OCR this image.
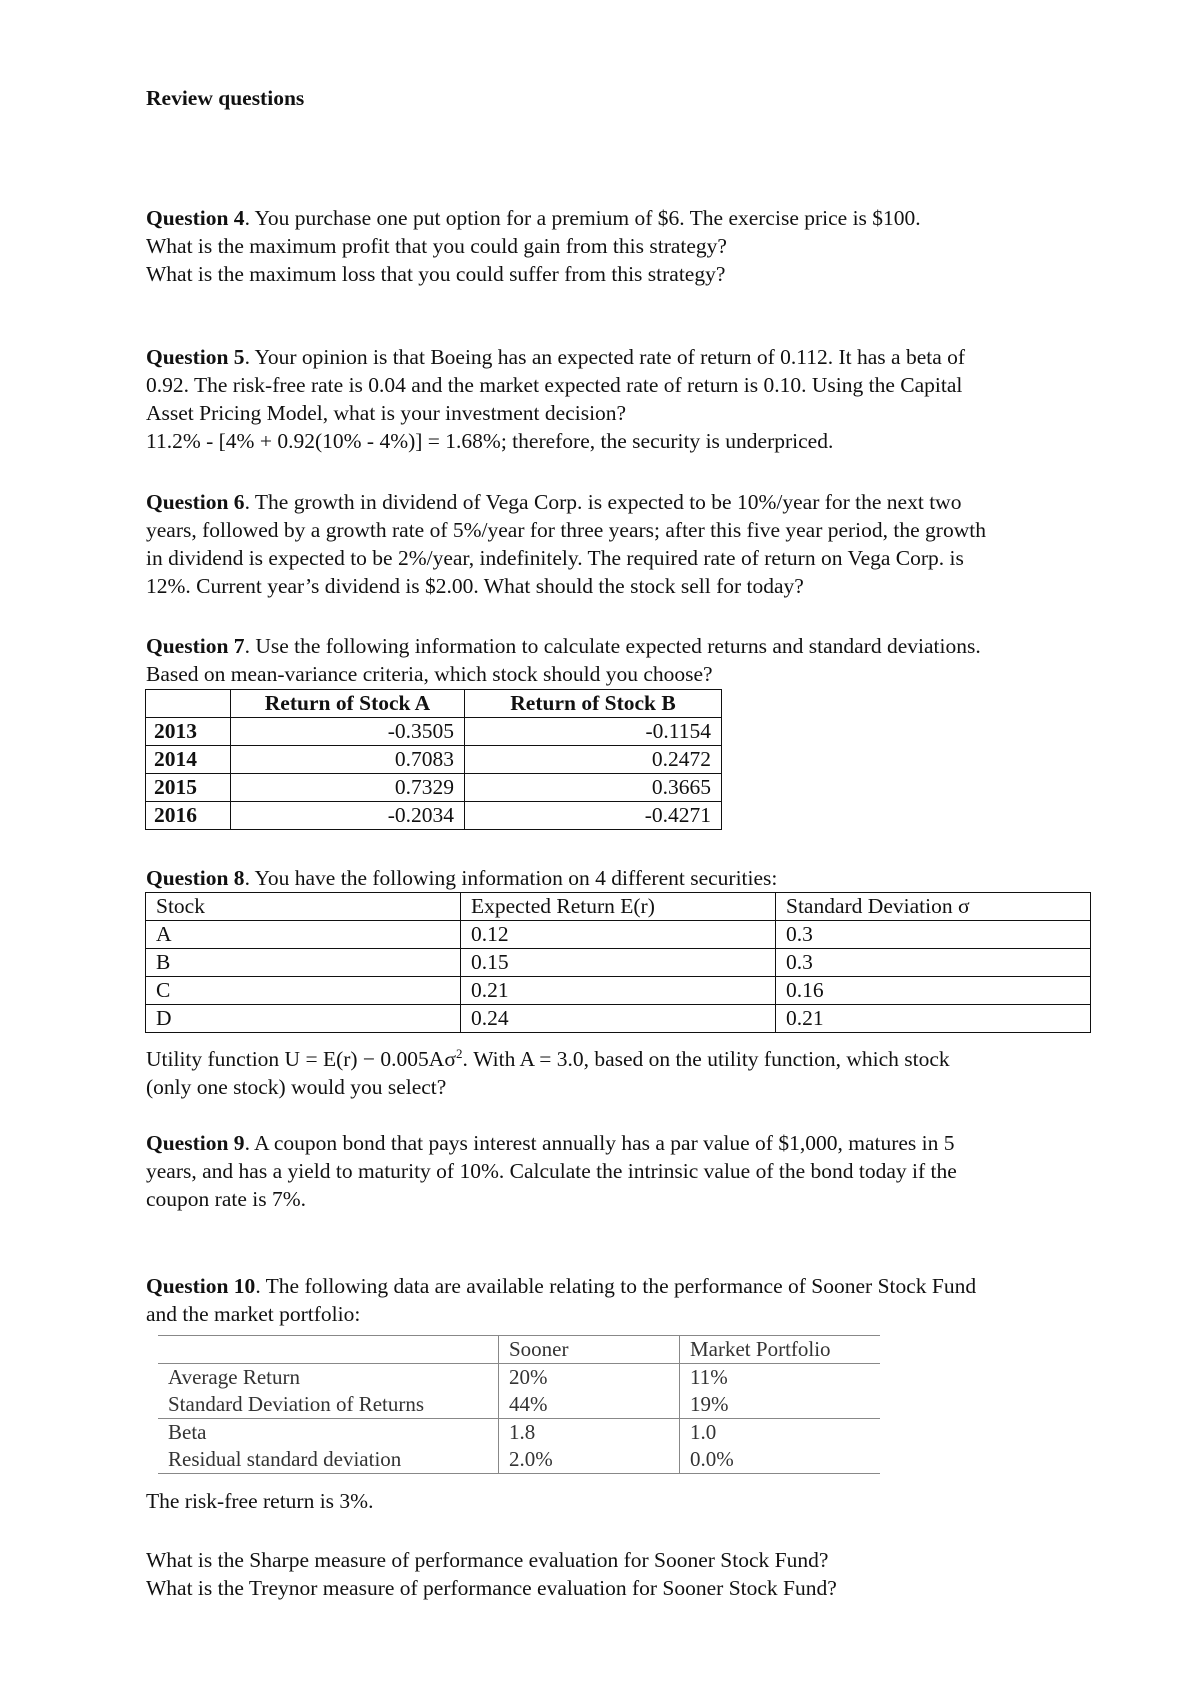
Review questions

Question 4. You purchase one put option for a premium of $6. The exercise price is $100.

What is the maximum profit that you could gain from this strategy?

What is the maximum loss that you could suffer from this strategy?

Question 5. Your opinion is that Boeing has an expected rate of return of 0.112. It has a beta of

0.92. The risk-free rate is 0.04 and the market expected rate of return is 0.10. Using the Capital

Asset Pricing Model, what is your investment decision?

11.2% - [4% + 0.92(10% - 4%)] = 1.68%; therefore, the security is underpriced.

Question 6. The growth in dividend of Vega Corp. is expected to be 10%/year for the next two

years, followed by a growth rate of 5%/year for three years; after this five year period, the growth

in dividend is expected to be 2%/year, indefinitely. The required rate of return on Vega Corp. is

12%. Current year’s dividend is $2.00. What should the stock sell for today?

Question 7. Use the following information to calculate expected returns and standard deviations.

Based on mean-variance criteria, which stock should you choose?

	Return of Stock A	Return of Stock B
2013	-0.3505	-0.1154
2014	0.7083	0.2472
2015	0.7329	0.3665
2016	-0.2034	-0.4271

Question 8. You have the following information on 4 different securities:

Stock	Expected Return E(r)	Standard Deviation σ
A	0.12	0.3
B	0.15	0.3
C	0.21	0.16
D	0.24	0.21

Utility function $U = E(r) - 0.005A\sigma^2$. With A = 3.0, based on the utility function, which stock

(only one stock) would you select?

Question 9. A coupon bond that pays interest annually has a par value of $1,000, matures in 5

years, and has a yield to maturity of 10%. Calculate the intrinsic value of the bond today if the

coupon rate is 7%.

Question 10. The following data are available relating to the performance of Sooner Stock Fund

and the market portfolio:

	Sooner	Market Portfolio
Average Return	20%	11%
Standard Deviation of Returns	44%	19%
Beta	1.8	1.0
Residual standard deviation	2.0%	0.0%

The risk-free return is 3%.

What is the Sharpe measure of performance evaluation for Sooner Stock Fund?

What is the Treynor measure of performance evaluation for Sooner Stock Fund?
